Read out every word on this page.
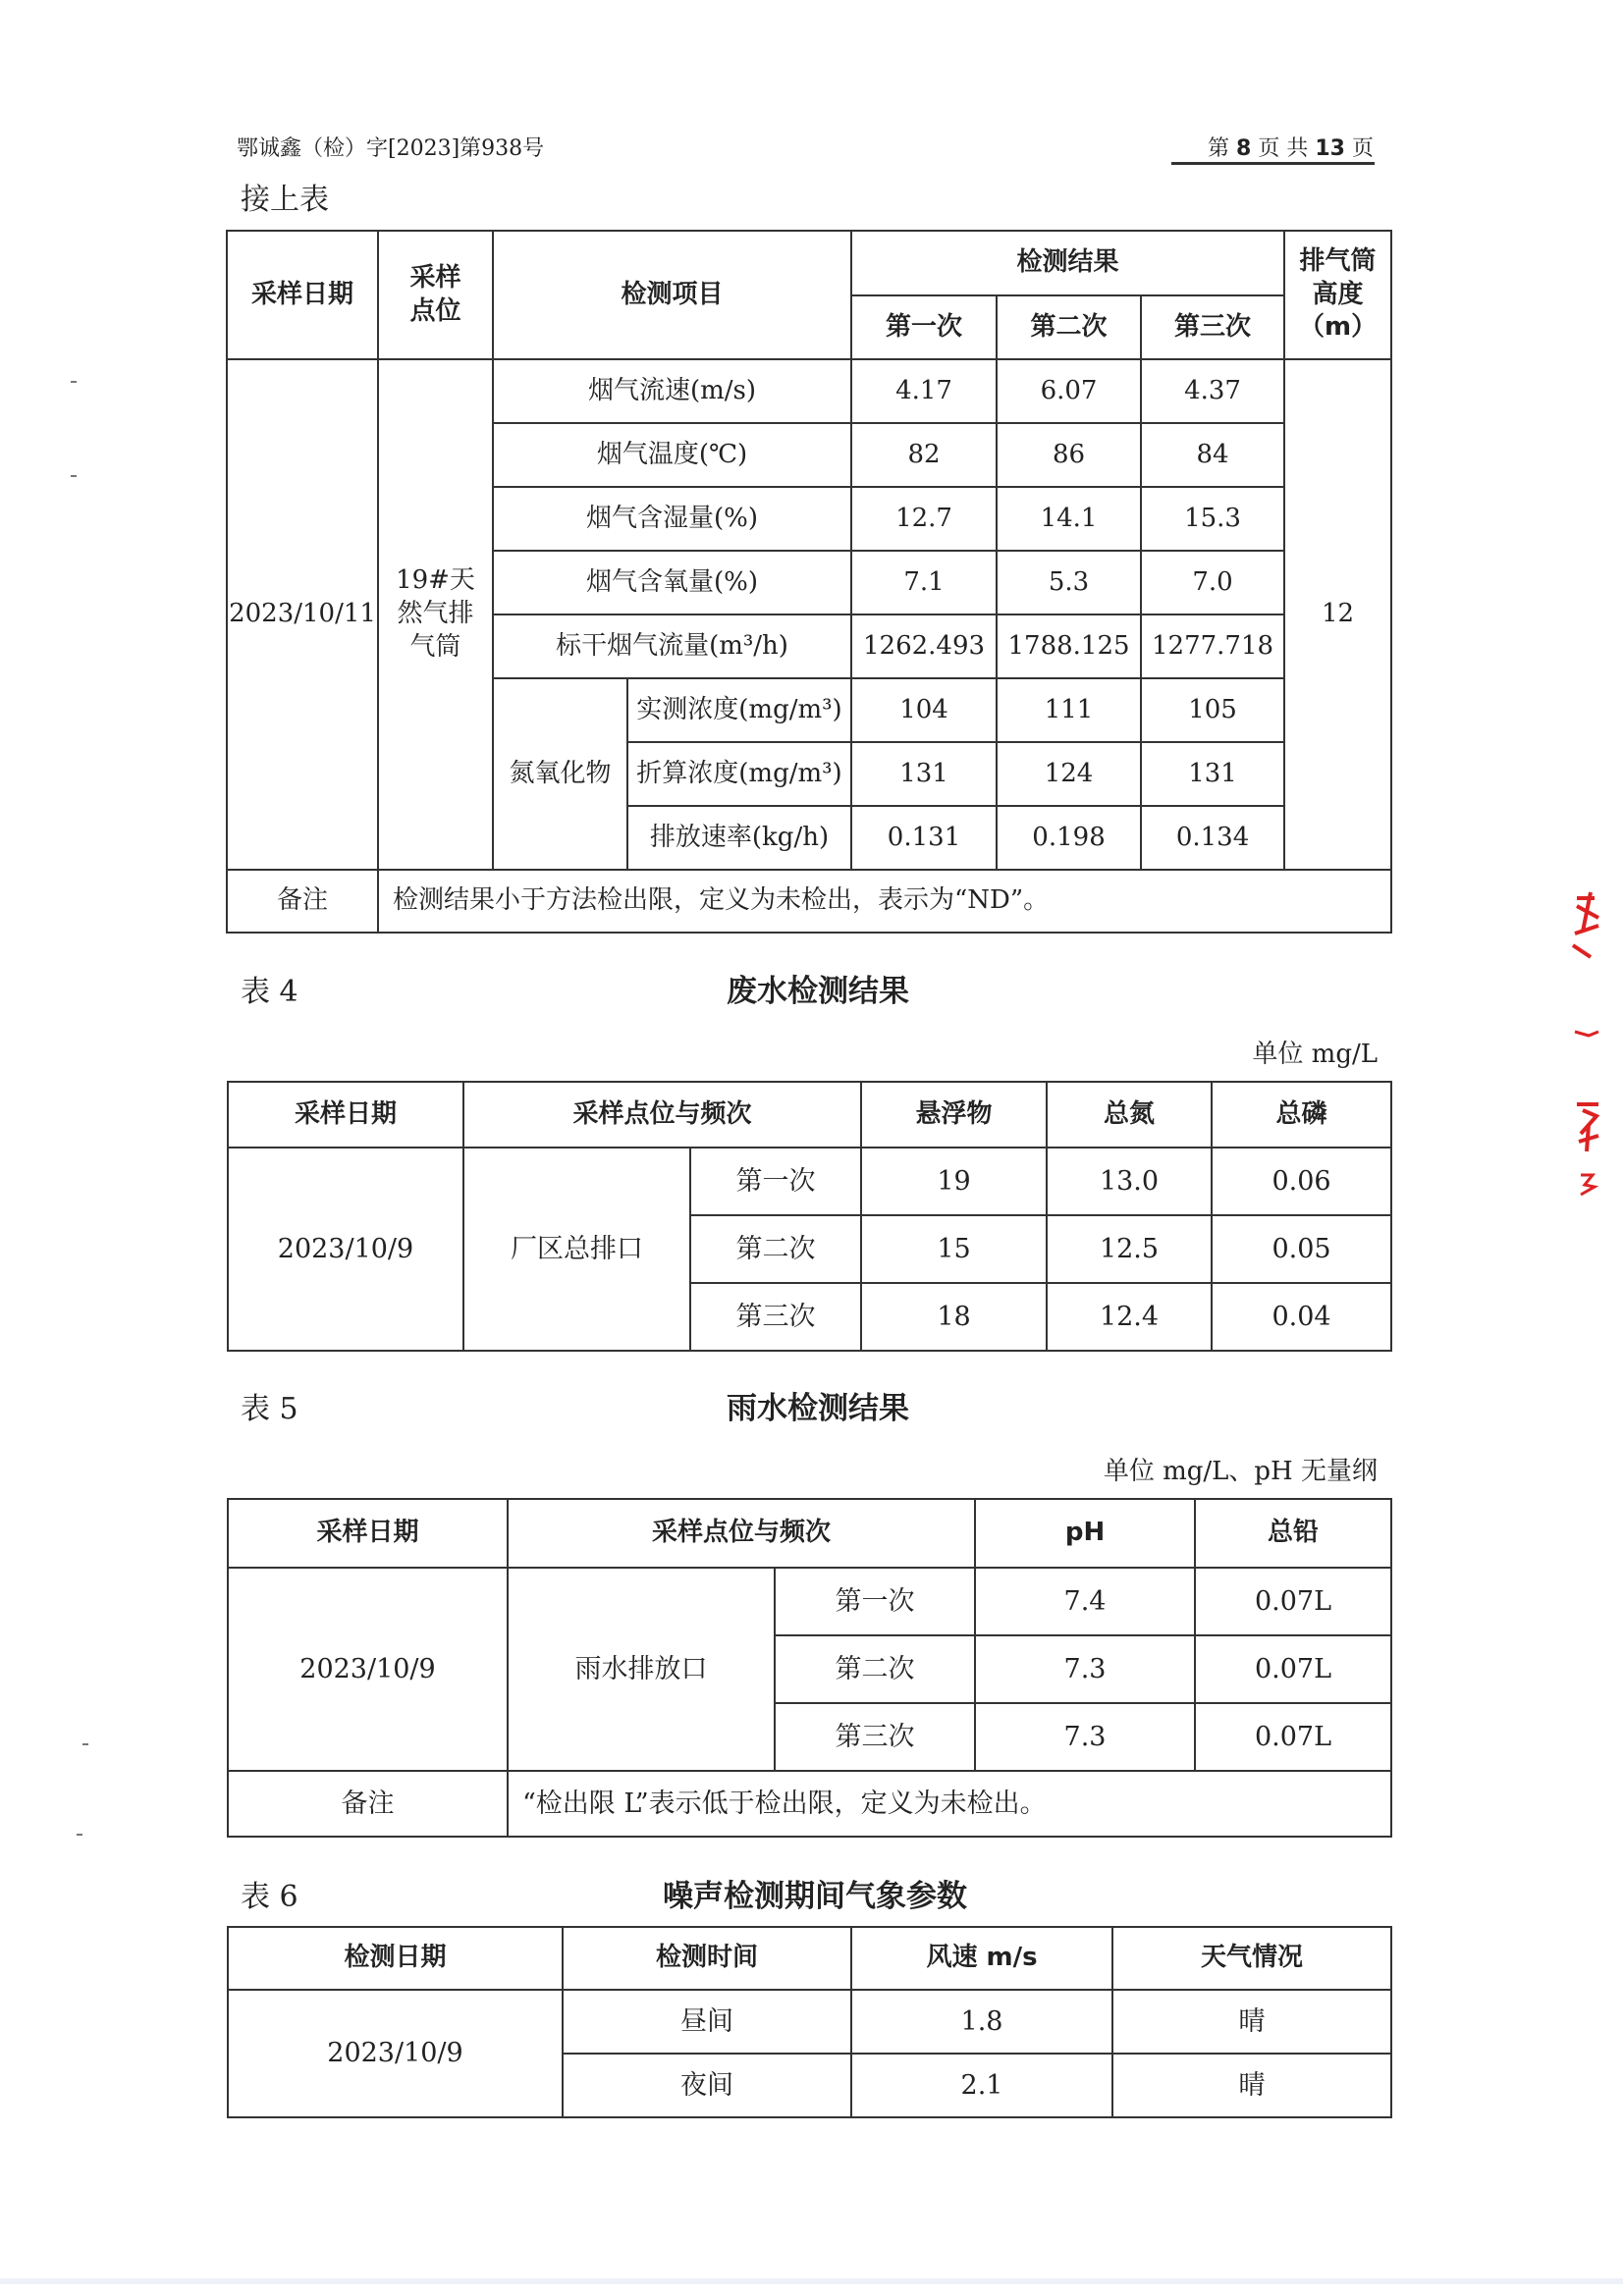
鄂诚鑫（检）字[2023]第938号	第 8 页 共 13 页
接上表
采样日期	采样点位	检测项目		检测结果			排气筒高度（m）
				第一次	第二次	第三次	
2023/10/11	19#天然气排气筒	烟气流速(m/s)		4.17	6.07	4.37	12
		烟气温度(℃)		82	86	84	
		烟气含湿量(%)		12.7	14.1	15.3	
		烟气含氧量(%)		7.1	5.3	7.0	
		标干烟气流量(m³/h)		1262.493	1788.125	1277.718	
		氮氧化物	实测浓度(mg/m³)	104	111	105	
			折算浓度(mg/m³)	131	124	131	
			排放速率(kg/h)	0.131	0.198	0.134	
备注	检测结果小于方法检出限，定义为未检出，表示为“ND”。						
表 4	废水检测结果
单位 mg/L
采样日期	采样点位与频次		悬浮物	总氮	总磷
2023/10/9	厂区总排口	第一次	19	13.0	0.06
		第二次	15	12.5	0.05
		第三次	18	12.4	0.04
表 5	雨水检测结果
单位 mg/L、pH 无量纲
采样日期	采样点位与频次		pH	总铅
2023/10/9	雨水排放口	第一次	7.4	0.07L
		第二次	7.3	0.07L
		第三次	7.3	0.07L
备注	“检出限 L”表示低于检出限，定义为未检出。			
表 6	噪声检测期间气象参数
检测日期	检测时间	风速 m/s	天气情况
2023/10/9	昼间	1.8	晴
	夜间	2.1	晴
